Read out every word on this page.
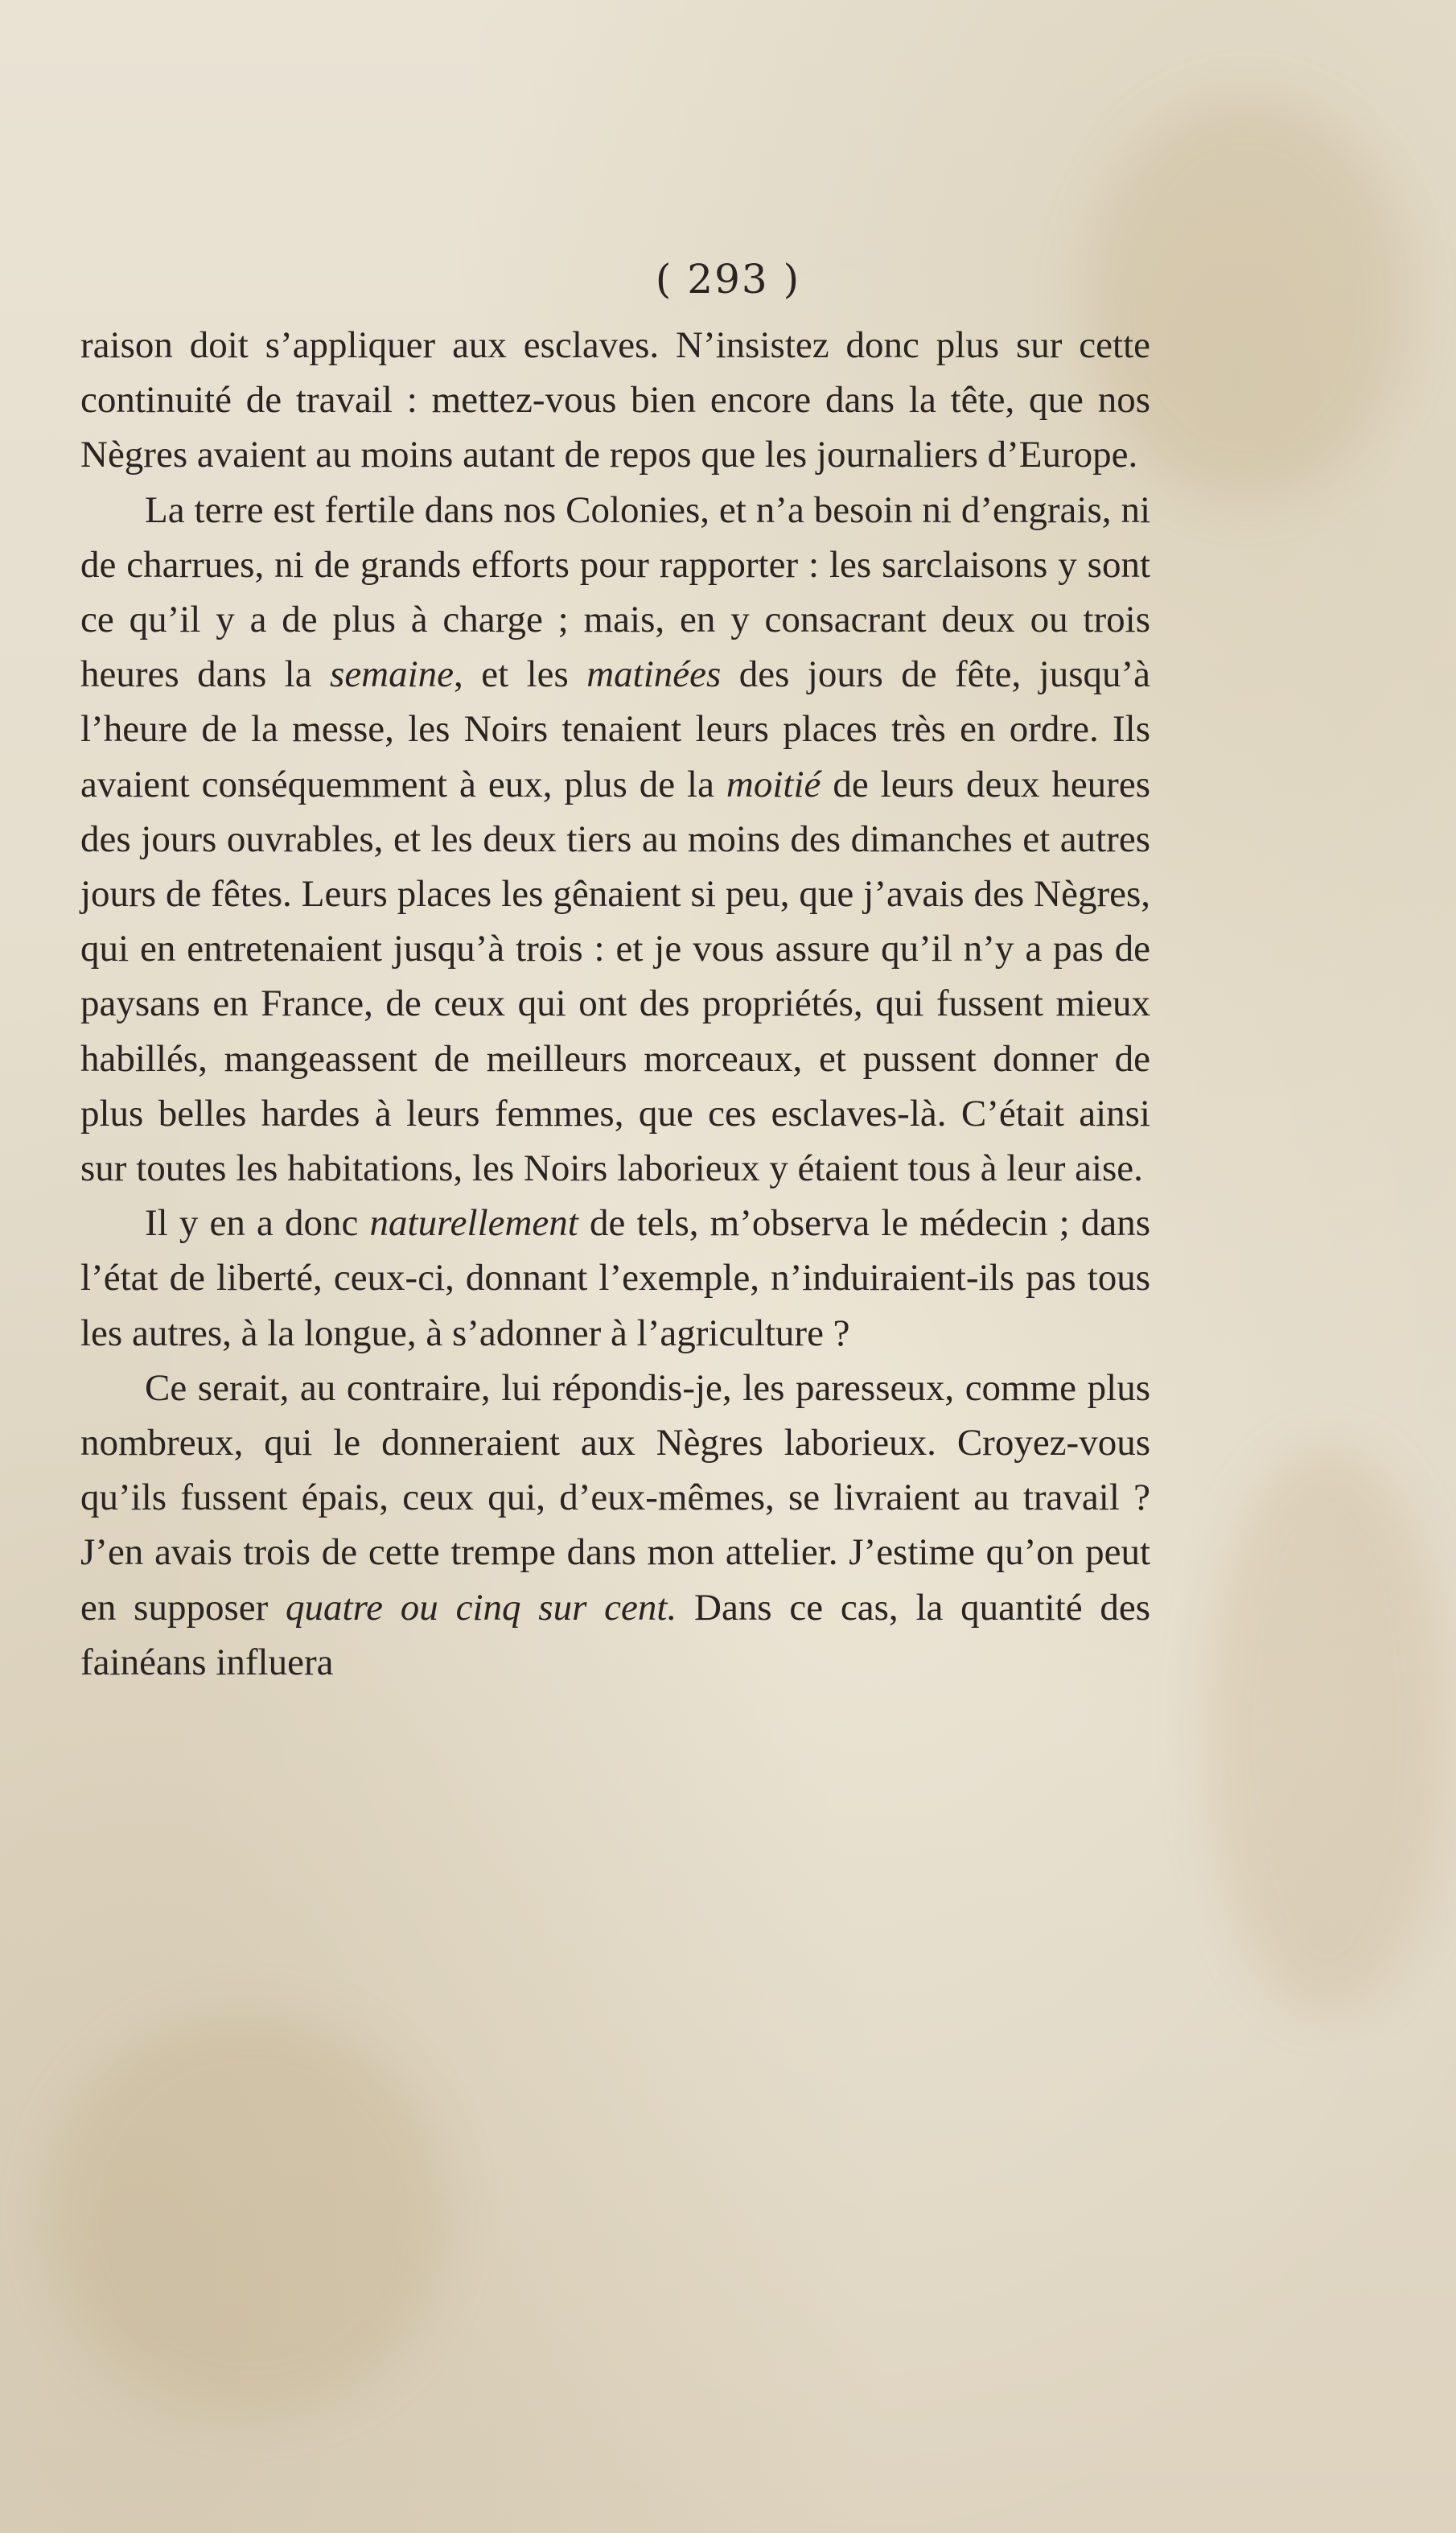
( 293 )

raison doit s’appliquer aux esclaves. N’insistez donc plus sur cette continuité de travail : mettez-vous bien encore dans la tête, que nos Nègres avaient au moins autant de repos que les journaliers d’Europe.

La terre est fertile dans nos Colonies, et n’a besoin ni d’engrais, ni de charrues, ni de grands efforts pour rapporter : les sarclaisons y sont ce qu’il y a de plus à charge ; mais, en y consacrant deux ou trois heures dans la semaine, et les matinées des jours de fête, jusqu’à l’heure de la messe, les Noirs tenaient leurs places très en ordre. Ils avaient conséquemment à eux, plus de la moitié de leurs deux heures des jours ouvrables, et les deux tiers au moins des dimanches et autres jours de fêtes. Leurs places les gênaient si peu, que j’avais des Nègres, qui en entretenaient jusqu’à trois : et je vous assure qu’il n’y a pas de paysans en France, de ceux qui ont des propriétés, qui fussent mieux habillés, mangeassent de meilleurs morceaux, et pussent donner de plus belles hardes à leurs femmes, que ces esclaves-là. C’était ainsi sur toutes les habitations, les Noirs laborieux y étaient tous à leur aise.

Il y en a donc naturellement de tels, m’observa le médecin ; dans l’état de liberté, ceux-ci, donnant l’exemple, n’induiraient-ils pas tous les autres, à la longue, à s’adonner à l’agriculture ?

Ce serait, au contraire, lui répondis-je, les paresseux, comme plus nombreux, qui le donneraient aux Nègres laborieux. Croyez-vous qu’ils fussent épais, ceux qui, d’eux-mêmes, se livraient au travail ? J’en avais trois de cette trempe dans mon attelier. J’estime qu’on peut en supposer quatre ou cinq sur cent. Dans ce cas, la quantité des fainéans influera
